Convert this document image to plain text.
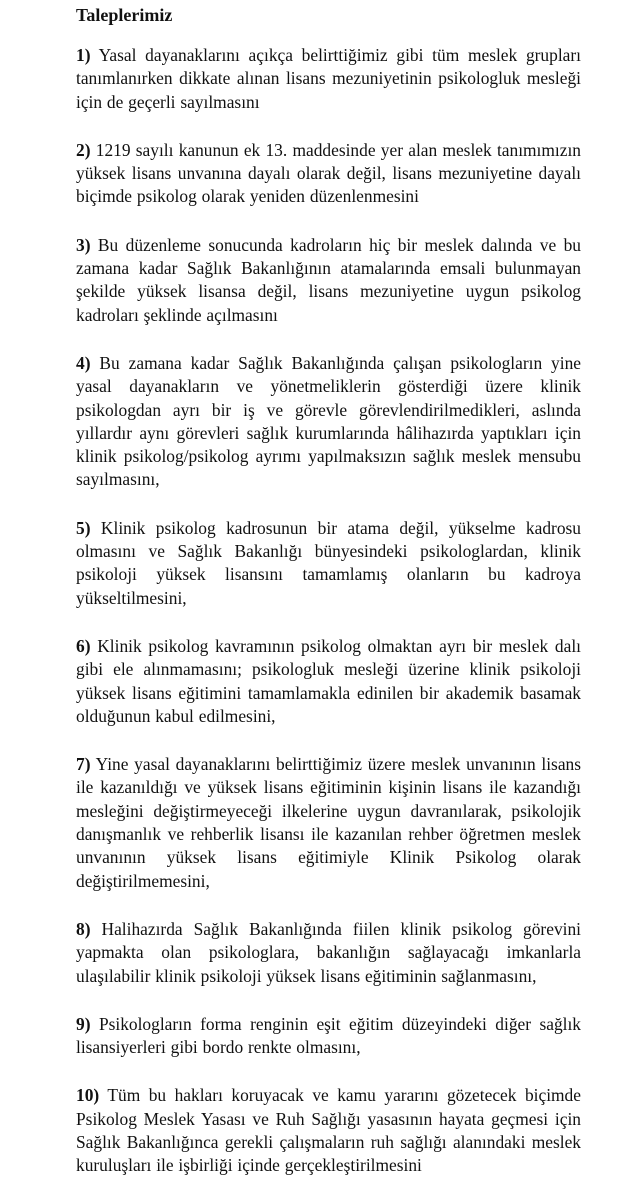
Taleplerimiz

1) Yasal dayanaklarını açıkça belirttiğimiz gibi tüm meslek grupları tanımlanırken dikkate alınan lisans mezuniyetinin psikologluk mesleği için de geçerli sayılmasını

2) 1219 sayılı kanunun ek 13. maddesinde yer alan meslek tanımımızın yüksek lisans unvanına dayalı olarak değil, lisans mezuniyetine dayalı biçimde psikolog olarak yeniden düzenlenmesini

3) Bu düzenleme sonucunda kadroların hiç bir meslek dalında ve bu zamana kadar Sağlık Bakanlığının atamalarında emsali bulunmayan şekilde yüksek lisansa değil, lisans mezuniyetine uygun psikolog kadroları şeklinde açılmasını

4) Bu zamana kadar Sağlık Bakanlığında çalışan psikologların yine yasal dayanakların ve yönetmeliklerin gösterdiği üzere klinik psikologdan ayrı bir iş ve görevle görevlendirilmedikleri, aslında yıllardır aynı görevleri sağlık kurumlarında hâlihazırda yaptıkları için klinik psikolog/psikolog ayrımı yapılmaksızın sağlık meslek mensubu sayılmasını,

5) Klinik psikolog kadrosunun bir atama değil, yükselme kadrosu olmasını ve Sağlık Bakanlığı bünyesindeki psikologlardan, klinik psikoloji yüksek lisansını tamamlamış olanların bu kadroya yükseltilmesini,

6) Klinik psikolog kavramının psikolog olmaktan ayrı bir meslek dalı gibi ele alınmamasını; psikologluk mesleği üzerine klinik psikoloji yüksek lisans eğitimini tamamlamakla edinilen bir akademik basamak olduğunun kabul edilmesini,

7) Yine yasal dayanaklarını belirttiğimiz üzere meslek unvanının lisans ile kazanıldığı ve yüksek lisans eğitiminin kişinin lisans ile kazandığı mesleğini değiştirmeyeceği ilkelerine uygun davranılarak, psikolojik danışmanlık ve rehberlik lisansı ile kazanılan rehber öğretmen meslek unvanının yüksek lisans eğitimiyle Klinik Psikolog olarak değiştirilmemesini,

8) Halihazırda Sağlık Bakanlığında fiilen klinik psikolog görevini yapmakta olan psikologlara, bakanlığın sağlayacağı imkanlarla ulaşılabilir klinik psikoloji yüksek lisans eğitiminin sağlanmasını,

9) Psikologların forma renginin eşit eğitim düzeyindeki diğer sağlık lisansiyerleri gibi bordo renkte olmasını,

10) Tüm bu hakları koruyacak ve kamu yararını gözetecek biçimde Psikolog Meslek Yasası ve Ruh Sağlığı yasasının hayata geçmesi için Sağlık Bakanlığınca gerekli çalışmaların ruh sağlığı alanındaki meslek kuruluşları ile işbirliği içinde gerçekleştirilmesini
